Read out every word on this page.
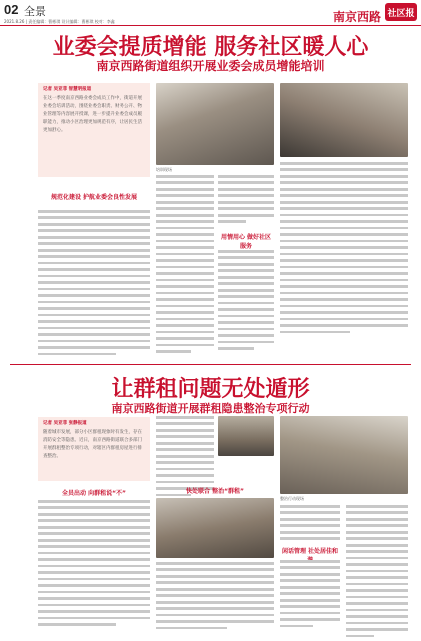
02 全景
2021.8.26 | 责任编辑：曹彬琪 设计编辑：曹彬琪 校对：李鑫	南京西路 社区报
业委会提质增能 服务社区暖人心
南京西路街道组织开展业委会成员增能培训
记者 吴亚菲 智慧明报道
在这一季度南京西路业委会成员工作中，街道开展业委会培训活动，围绕业委会职责、财务公开、物业管理等内容展开授课，进一步提升业委会成员履职能力，推动小区治理更加规范有序，让居民生活更加舒心。
规范化建设 护航业委会良性发展
培训现场
用情用心 做好社区服务
让群租问题无处遁形
南京西路街道开展群租隐患整治专项行动
记者 吴亚菲 张静报道
随着城市发展，部分小区群租现象时有发生，存在消防安全等隐患。近日，南京西路街道联合多部门开展群租整治专项行动，对辖区内群租房屋进行排查整治。
全员出动 向群租说“不”	快处联合 整治“群租”
整治行动现场
闲话管理 社处居佳和
